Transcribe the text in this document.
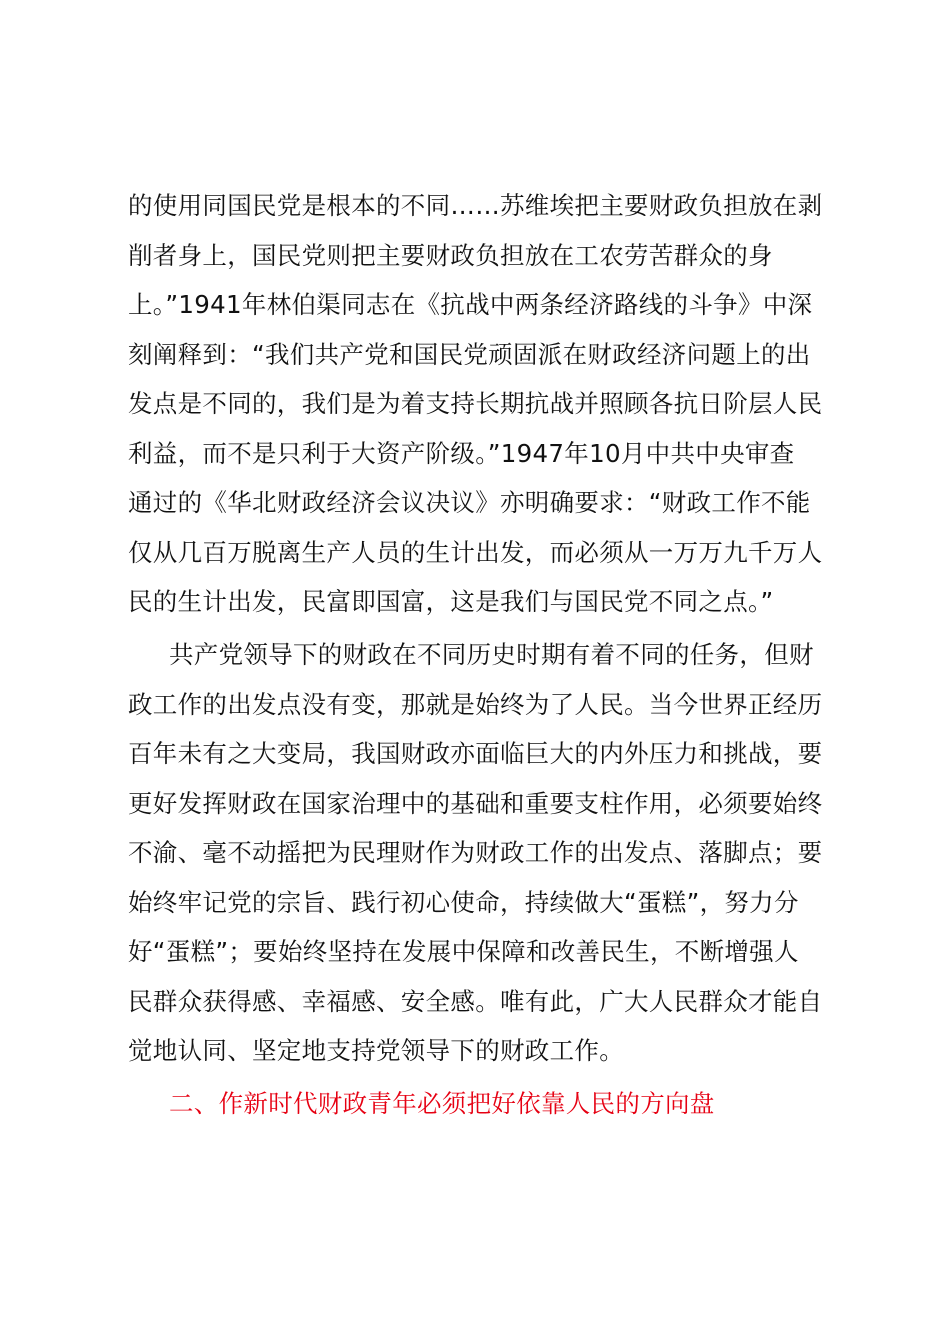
的使用同国民党是根本的不同……苏维埃把主要财政负担放在剥
削者身上，国民党则把主要财政负担放在工农劳苦群众的身
上。”1941年林伯渠同志在《抗战中两条经济路线的斗争》中深
刻阐释到：“我们共产党和国民党顽固派在财政经济问题上的出
发点是不同的，我们是为着支持长期抗战并照顾各抗日阶层人民
利益，而不是只利于大资产阶级。”1947年10月中共中央审查
通过的《华北财政经济会议决议》亦明确要求：“财政工作不能
仅从几百万脱离生产人员的生计出发，而必须从一万万九千万人
民的生计出发，民富即国富，这是我们与国民党不同之点。”
共产党领导下的财政在不同历史时期有着不同的任务，但财
政工作的出发点没有变，那就是始终为了人民。当今世界正经历
百年未有之大变局，我国财政亦面临巨大的内外压力和挑战，要
更好发挥财政在国家治理中的基础和重要支柱作用，必须要始终
不渝、毫不动摇把为民理财作为财政工作的出发点、落脚点；要
始终牢记党的宗旨、践行初心使命，持续做大“蛋糕”，努力分
好“蛋糕”；要始终坚持在发展中保障和改善民生，不断增强人
民群众获得感、幸福感、安全感。唯有此，广大人民群众才能自
觉地认同、坚定地支持党领导下的财政工作。
二、作新时代财政青年必须把好依靠人民的方向盘
